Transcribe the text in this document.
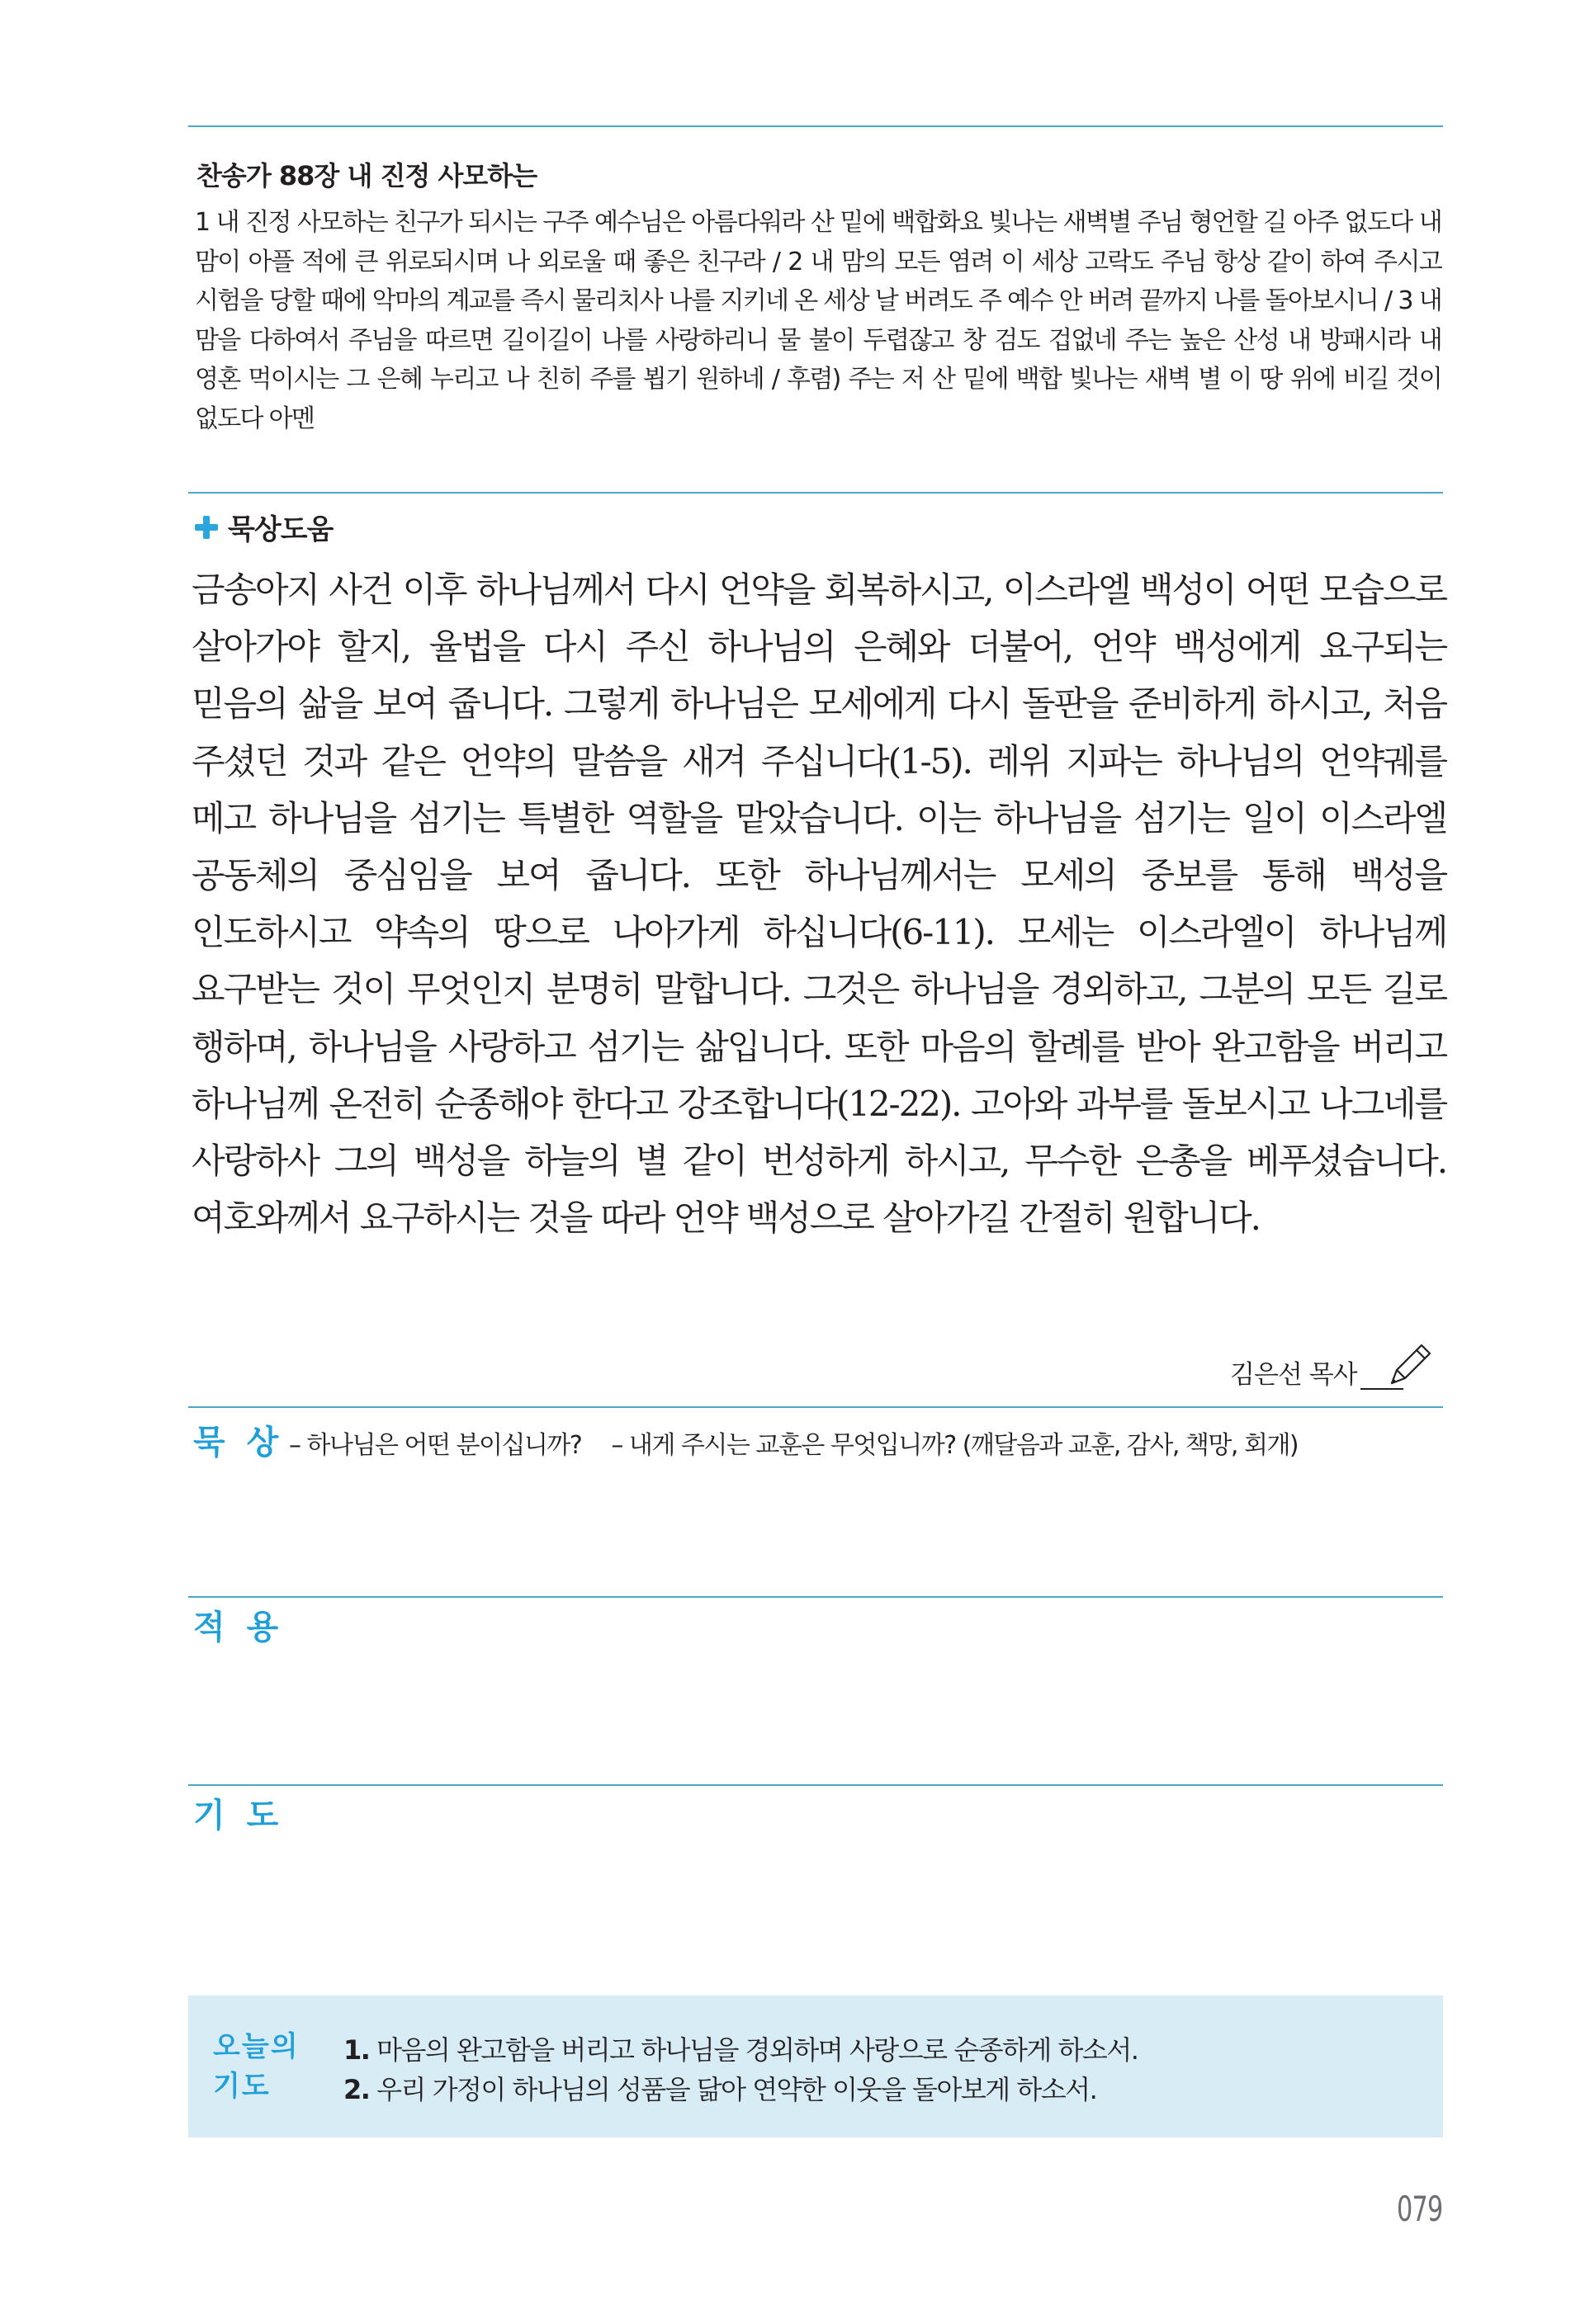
찬송가 88장 내 진정 사모하는
1 내 진정 사모하는 친구가 되시는 구주 예수님은 아름다워라 산 밑에 백합화요 빛나는 새벽별 주님 형언할 길 아주 없도다 내 맘이 아플 적에 큰 위로되시며 나 외로울 때 좋은 친구라 / 2 내 맘의 모든 염려 이 세상 고락도 주님 항상 같이 하여 주시고 시험을 당할 때에 악마의 계교를 즉시 물리치사 나를 지키네 온 세상 날 버려도 주 예수 안 버려 끝까지 나를 돌아보시니 / 3 내 맘을 다하여서 주님을 따르면 길이길이 나를 사랑하리니 물 불이 두렵잖고 창 검도 겁없네 주는 높은 산성 내 방패시라 내 영혼 먹이시는 그 은혜 누리고 나 친히 주를 뵙기 원하네 / 후렴) 주는 저 산 밑에 백합 빛나는 새벽 별 이 땅 위에 비길 것이 없도다 아멘
묵상도움
금송아지 사건 이후 하나님께서 다시 언약을 회복하시고, 이스라엘 백성이 어떤 모습으로 살아가야 할지, 율법을 다시 주신 하나님의 은혜와 더불어, 언약 백성에게 요구되는 믿음의 삶을 보여 줍니다. 그렇게 하나님은 모세에게 다시 돌판을 준비하게 하시고, 처음 주셨던 것과 같은 언약의 말씀을 새겨 주십니다(1-5). 레위 지파는 하나님의 언약궤를 메고 하나님을 섬기는 특별한 역할을 맡았습니다. 이는 하나님을 섬기는 일이 이스라엘 공동체의 중심임을 보여 줍니다. 또한 하나님께서는 모세의 중보를 통해 백성을 인도하시고 약속의 땅으로 나아가게 하십니다(6-11). 모세는 이스라엘이 하나님께 요구받는 것이 무엇인지 분명히 말합니다. 그것은 하나님을 경외하고, 그분의 모든 길로 행하며, 하나님을 사랑하고 섬기는 삶입니다. 또한 마음의 할례를 받아 완고함을 버리고 하나님께 온전히 순종해야 한다고 강조합니다(12-22). 고아와 과부를 돌보시고 나그네를 사랑하사 그의 백성을 하늘의 별 같이 번성하게 하시고, 무수한 은총을 베푸셨습니다. 여호와께서 요구하시는 것을 따라 언약 백성으로 살아가길 간절히 원합니다.
김은선 목사
묵 상 – 하나님은 어떤 분이십니까? – 내게 주시는 교훈은 무엇입니까? (깨달음과 교훈, 감사, 책망, 회개)
적 용
기 도
오늘의
기도
1. 마음의 완고함을 버리고 하나님을 경외하며 사랑으로 순종하게 하소서.
2. 우리 가정이 하나님의 성품을 닮아 연약한 이웃을 돌아보게 하소서.
079
